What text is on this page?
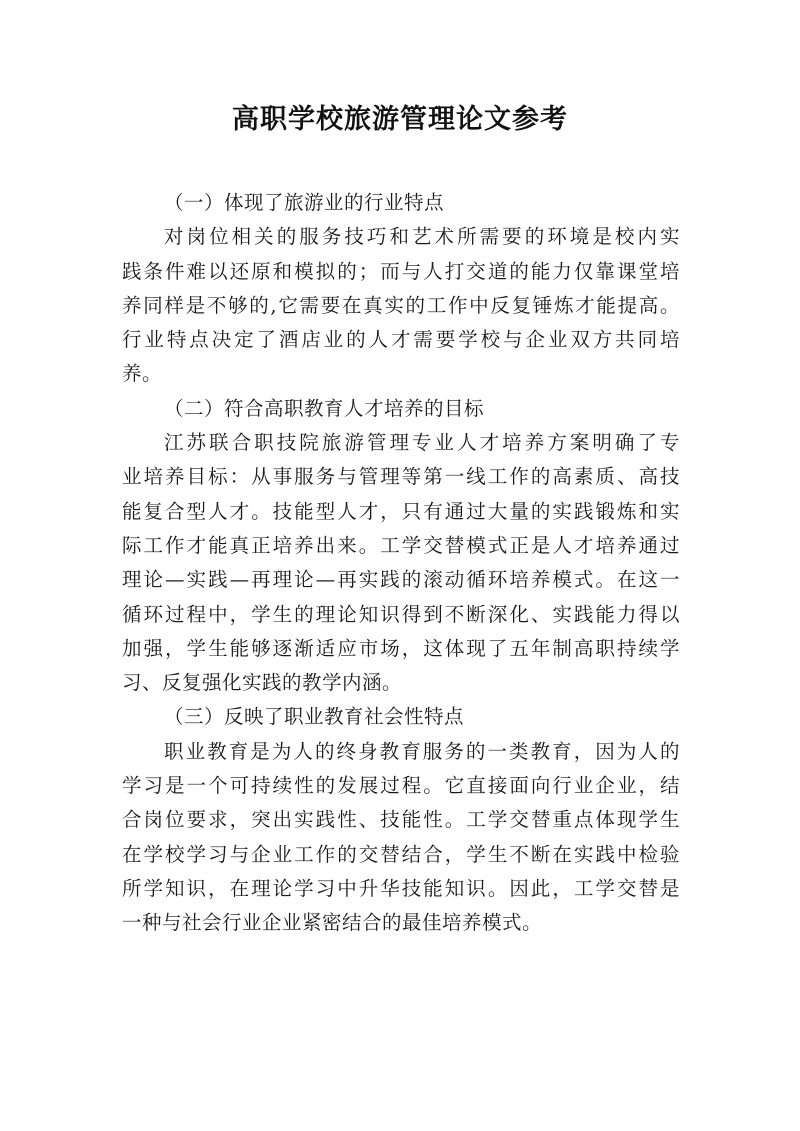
高职学校旅游管理论文参考
（一）体现了旅游业的行业特点
对岗位相关的服务技巧和艺术所需要的环境是校内实
践条件难以还原和模拟的；而与人打交道的能力仅靠课堂培
养同样是不够的,它需要在真实的工作中反复锤炼才能提高。
行业特点决定了酒店业的人才需要学校与企业双方共同培
养。
（二）符合高职教育人才培养的目标
江苏联合职技院旅游管理专业人才培养方案明确了专
业培养目标：从事服务与管理等第一线工作的高素质、高技
能复合型人才。技能型人才，只有通过大量的实践锻炼和实
际工作才能真正培养出来。工学交替模式正是人才培养通过
理论—实践—再理论—再实践的滚动循环培养模式。在这一
循环过程中，学生的理论知识得到不断深化、实践能力得以
加强，学生能够逐渐适应市场，这体现了五年制高职持续学
习、反复强化实践的教学内涵。
（三）反映了职业教育社会性特点
职业教育是为人的终身教育服务的一类教育，因为人的
学习是一个可持续性的发展过程。它直接面向行业企业，结
合岗位要求，突出实践性、技能性。工学交替重点体现学生
在学校学习与企业工作的交替结合，学生不断在实践中检验
所学知识，在理论学习中升华技能知识。因此，工学交替是
一种与社会行业企业紧密结合的最佳培养模式。
